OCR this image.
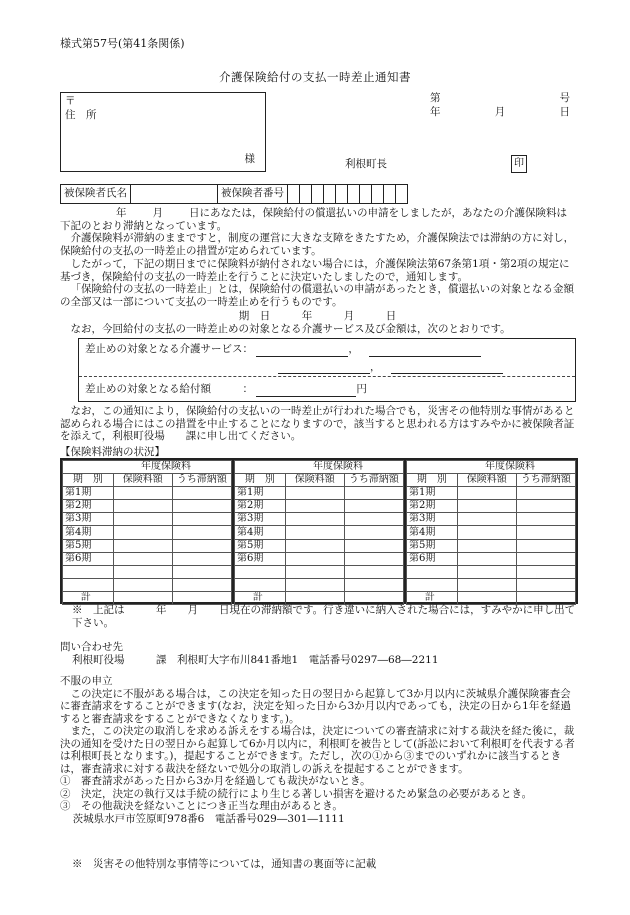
様式第57号(第41条関係)
介護保険給付の支払一時差止通知書
〒
住　所
様
第	号
年	月	日
利根町長	印
被保険者氏名		被保険者番号										

年 月 日にあなたは，保険給付の償還払いの申請をしましたが，あなたの介護保険料は下記のとおり滞納となっています。

介護保険料が滞納のままですと，制度の運営に大きな支障をきたすため，介護保険法では滞納の方に対し，保険給付の支払の一時差止の措置が定められています。

したがって，下記の期日までに保険料が納付されない場合には，介護保険法第67条第1項・第2項の規定に基づき，保険給付の支払の一時差止を行うことに決定いたしましたので，通知します。

「保険給付の支払の一時差止」とは，保険給付の償還払いの申請があったとき，償還払いの対象となる金額の全部又は一部について支払の一時差止めを行うものです。

期　日　　　年　　　月　　　日

なお，今回給付の支払の一時差止めの対象となる介護サービス及び金額は，次のとおりです。

差止めの対象となる介護サービス：	，
，
差止めの対象となる給付額　　　：	円

なお，この通知により，保険給付の支払いの一時差止が行われた場合でも，災害その他特別な事情があると認められる場合にはこの措置を中止することになりますので，該当すると思われる方はすみやかに被保険者証を添えて，利根町役場　　課に申し出てください。

【保険料滞納の状況】
年度保険料		
期　別	保険料額	うち滞納額
第1期		
第2期		
第3期		
第4期		
第5期		
第6期		

計		
年度保険料		
期　別	保険料額	うち滞納額
第1期		
第2期		
第3期		
第4期		
第5期		
第6期		

計		
年度保険料		
期　別	保険料額	うち滞納額
第1期		
第2期		
第3期		
第4期		
第5期		
第6期		

計		
※　上記は　　　年　　月　　日現在の滞納額です。行き違いに納入された場合には，すみやかに申し出て下さい。
問い合わせ先
利根町役場　　　課　利根町大字布川841番地1　電話番号0297―68―2211

不服の申立

この決定に不服がある場合は，この決定を知った日の翌日から起算して3か月以内に茨城県介護保険審査会に審査請求をすることができます(なお，決定を知った日から3か月以内であっても，決定の日から1年を経過すると審査請求をすることができなくなります。)。

また，この決定の取消しを求める訴えをする場合は，決定についての審査請求に対する裁決を経た後に，裁決の通知を受けた日の翌日から起算して6か月以内に，利根町を被告として(訴訟において利根町を代表する者は利根町長となります。)，提起することができます。ただし，次の①から③までのいずれかに該当するときは，審査請求に対する裁決を経ないで処分の取消しの訴えを提起することができます。

①　審査請求があった日から3か月を経過しても裁決がないとき。

②　決定，決定の執行又は手続の続行により生じる著しい損害を避けるため緊急の必要があるとき。

③　その他裁決を経ないことにつき正当な理由があるとき。

茨城県水戸市笠原町978番6　電話番号029―301―1111

※　災害その他特別な事情等については，通知書の裏面等に記載
